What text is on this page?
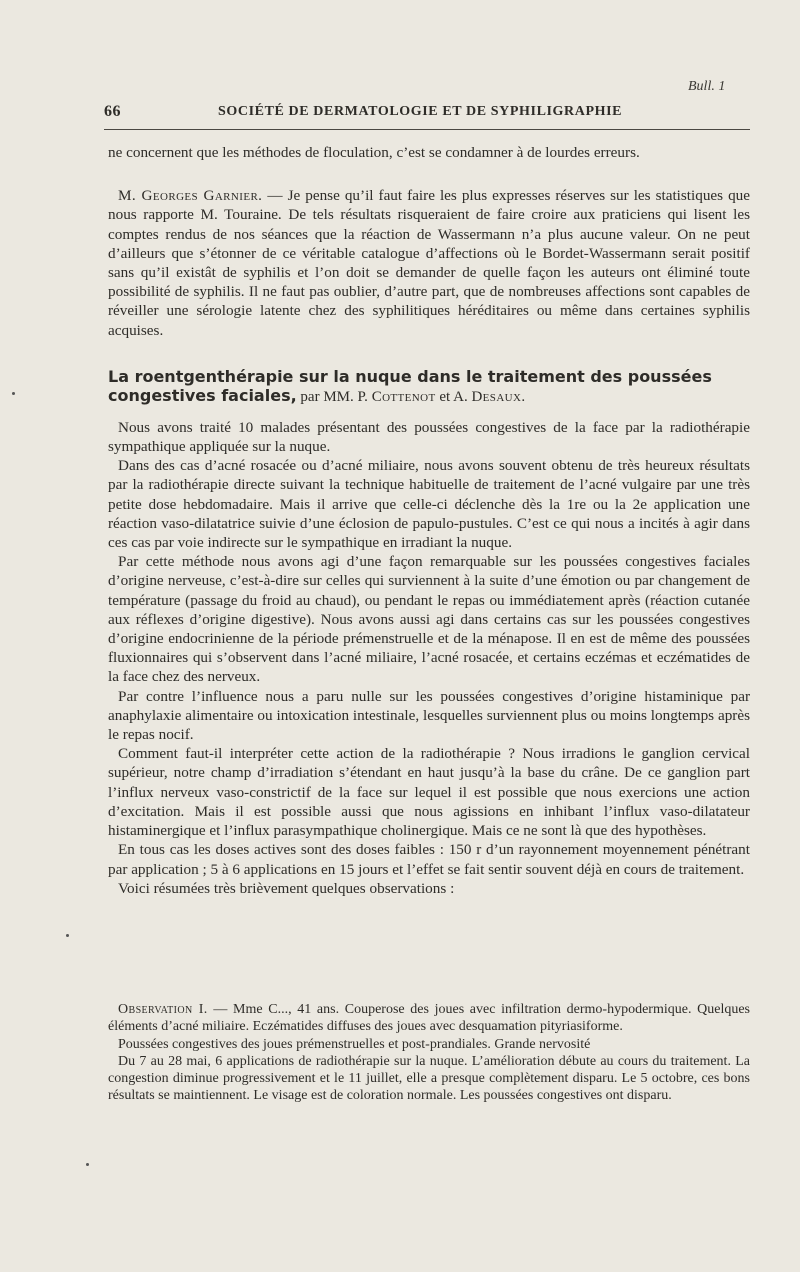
Bull. 1
66	SOCIÉTÉ DE DERMATOLOGIE ET DE SYPHILIGRAPHIE

ne concernent que les méthodes de floculation, c’est se condamner à de lourdes erreurs.

M. Georges Garnier. — Je pense qu’il faut faire les plus expresses réserves sur les statistiques que nous rapporte M. Touraine. De tels résultats risqueraient de faire croire aux praticiens qui lisent les comptes rendus de nos séances que la réaction de Wassermann n’a plus aucune valeur. On ne peut d’ailleurs que s’étonner de ce véritable catalogue d’affections où le Bordet-Wassermann serait positif sans qu’il existât de syphilis et l’on doit se demander de quelle façon les auteurs ont éliminé toute possibilité de syphilis. Il ne faut pas oublier, d’autre part, que de nombreuses affections sont capables de réveiller une sérologie latente chez des syphilitiques héréditaires ou même dans certaines syphilis acquises.

La roentgenthérapie sur la nuque dans le traitement des poussées congestives faciales, par MM. P. Cottenot et A. Desaux.

Nous avons traité 10 malades présentant des poussées congestives de la face par la radiothérapie sympathique appliquée sur la nuque.

Dans des cas d’acné rosacée ou d’acné miliaire, nous avons souvent obtenu de très heureux résultats par la radiothérapie directe suivant la technique habituelle de traitement de l’acné vulgaire par une très petite dose hebdomadaire. Mais il arrive que celle-ci déclenche dès la 1re ou la 2e application une réaction vaso-dilatatrice suivie d’une éclosion de papulo-pustules. C’est ce qui nous a incités à agir dans ces cas par voie indirecte sur le sympathique en irradiant la nuque.

Par cette méthode nous avons agi d’une façon remarquable sur les poussées congestives faciales d’origine nerveuse, c’est-à-dire sur celles qui surviennent à la suite d’une émotion ou par changement de température (passage du froid au chaud), ou pendant le repas ou immédiatement après (réaction cutanée aux réflexes d’origine digestive). Nous avons aussi agi dans certains cas sur les poussées congestives d’origine endocrinienne de la période prémenstruelle et de la ménapose. Il en est de même des poussées fluxionnaires qui s’observent dans l’acné miliaire, l’acné rosacée, et certains eczémas et eczématides de la face chez des nerveux.

Par contre l’influence nous a paru nulle sur les poussées congestives d’origine histaminique par anaphylaxie alimentaire ou intoxication intestinale, lesquelles surviennent plus ou moins longtemps après le repas nocif.

Comment faut-il interpréter cette action de la radiothérapie ? Nous irradions le ganglion cervical supérieur, notre champ d’irradiation s’étendant en haut jusqu’à la base du crâne. De ce ganglion part l’influx nerveux vaso-constrictif de la face sur lequel il est possible que nous exercions une action d’excitation. Mais il est possible aussi que nous agissions en inhibant l’influx vaso-dilatateur histaminergique et l’influx parasympathique cholinergique. Mais ce ne sont là que des hypothèses.

En tous cas les doses actives sont des doses faibles : 150 r d’un rayonnement moyennement pénétrant par application ; 5 à 6 applications en 15 jours et l’effet se fait sentir souvent déjà en cours de traitement.

Voici résumées très brièvement quelques observations :

Observation I. — Mme C..., 41 ans. Couperose des joues avec infiltration dermo-hypodermique. Quelques éléments d’acné miliaire. Eczématides diffuses des joues avec desquamation pityriasiforme.

Poussées congestives des joues prémenstruelles et post-prandiales. Grande nervosité

Du 7 au 28 mai, 6 applications de radiothérapie sur la nuque. L’amélioration débute au cours du traitement. La congestion diminue progressivement et le 11 juillet, elle a presque complètement disparu. Le 5 octobre, ces bons résultats se maintiennent. Le visage est de coloration normale. Les poussées congestives ont disparu.
